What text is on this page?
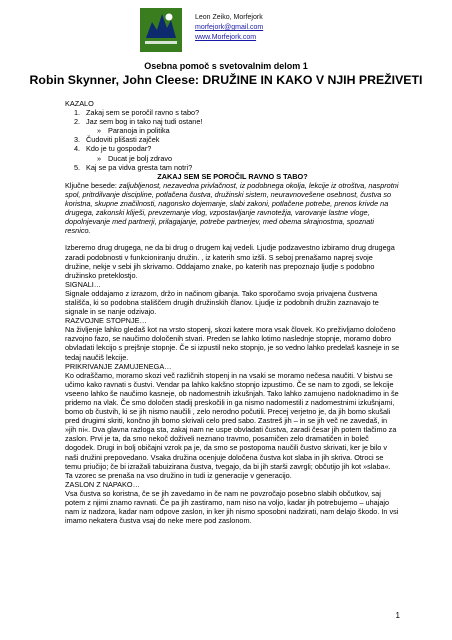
Leon Zeiko, Morfejork
morfejork@gmail.com
www.Morfejork.com
Osebna pomoč s svetovalnim delom 1
Robin Skynner, John Cleese: DRUŽINE IN KAKO V NJIH PREŽIVETI

KAZALO

1. Zakaj sem se poročil ravno s tabo?
2. Jaz sem bog in tako naj tudi ostane!
» Paranoja in politika
3. Čudoviti plišasti zajček
4. Kdo je tu gospodar?
» Ducat je bolj zdravo
5. Kaj se pa vidva gresta tam notri?

ZAKAJ SEM SE POROČIL RAVNO S TABO?

Ključne besede: zaljubljenost, nezavedna privlačnost, iz podobnega okolja, lekcije iz otroštva, nasprotni spol, pritrdilvanje discipline, potlačena čustva, družinski sistem, neuravnovešene osebnost, čustva so koristna, skupne značilnosti, nagonsko dojemanje, slabi zakoni, potlačene potrebe, prenos krivde na drugega, zakonski kliješi, prevzemanje vlog, vzpostavljanje ravnotežja, varovanje lastne vloge, dopolnjevanje med partnerji, prilagajanje, potrebe partnerjev, med obema skrajnostma, spoznati resnico.

Izberemo drug drugega, ne da bi drug o drugem kaj vedeli. Ljudje podzavestno izbiramo drug drugega zaradi podobnosti v funkcioniranju družin. , iz katerih smo izšli. S seboj prenašamo naprej svoje družine, nekje v sebi jih skrivamo. Oddajamo znake, po katerih nas prepoznajo ljudje s podobno družinsko preteklostjo.

SIGNALI…

Signale oddajamo z izrazom, držo in načinom gibanja. Tako sporočamo svoja privajena čustvena stališča, ki so podobna stališčem drugih družinskih članov. Ljudje iz podobnih družin zaznavajo te signale in se nanje odzivajo.

RAZVOJNE STOPNJE…

Na življenje lahko gledaš kot na vrsto stopenj, skozi katere mora vsak človek. Ko preživljamo določeno razvojno fazo, se naučimo določenih stvari. Preden se lahko lotimo naslednje stopnje, moramo dobro obvladati lekcijo s prejšnje stopnje. Če si izpustil neko stopnjo, je so vedno lahko predelaš kasneje in se tedaj naučiš lekcije.

PRIKRIVANJE ZAMUJENEGA…

Ko odraščamo, moramo skozi več različnih stopenj in na vsaki se moramo nečesa naučiti. V bistvu se učimo kako ravnati s čustvi. Vendar pa lahko kakšno stopnjo izpustimo. Če se nam to zgodi, se lekcije vseeno lahko še naučimo kasneje, ob nadomestnih izkušnjah. Tako lahko zamujeno nadoknadimo in še pridemo na vlak. Če smo določen stadij preskočili in ga nismo nadomestili z nadomestnimi izkušnjami, bomo ob čustvih, ki se jih nismo naučili , zelo nerodno počutili. Precej verjetno je, da jih bomo skušali pred drugimi skriti, končno jih bomo skrivali celo pred sabo. Zastreš jih – in se jih več ne zavedaš, in »jih ni«. Dva glavna razloga sta, zakaj nam ne uspe obvladati čustva, zaradi česar jih potem tlačimo za zaslon. Prvi je ta, da smo nekoč doživeli neznano travmo, posamičen zelo dramatičen in boleč dogodek. Drugi in bolj običajni vzrok pa je, da smo se postopoma naučili čustvo skrivati, ker je bilo v naši družini prepovedano. Vsaka družina ocenjuje določena čustva kot slaba in jih skriva. Otroci se temu priučijo; če bi izražali tabuizirana čustva, tvegajo, da bi jih starši zavrgli; občutijo jih kot »slaba«. Ta vzorec se prenaša na vso družino in tudi iz generacije v generacijo.

ZASLON Z NAPAKO…

Vsa čustva so koristna, če se jih zavedamo in če nam ne povzročajo posebno slabih občutkov, saj potem z njimi znamo ravnati. Če pa jih zastiramo, nam niso na voljo, kadar jih potrebujemo – uhajajo nam iz nadzora, kadar nam odpove zaslon, in ker jih nismo sposobni nadzirati, nam delajo škodo. In vsi imamo nekatera čustva vsaj do neke mere pod zaslonom.

1
